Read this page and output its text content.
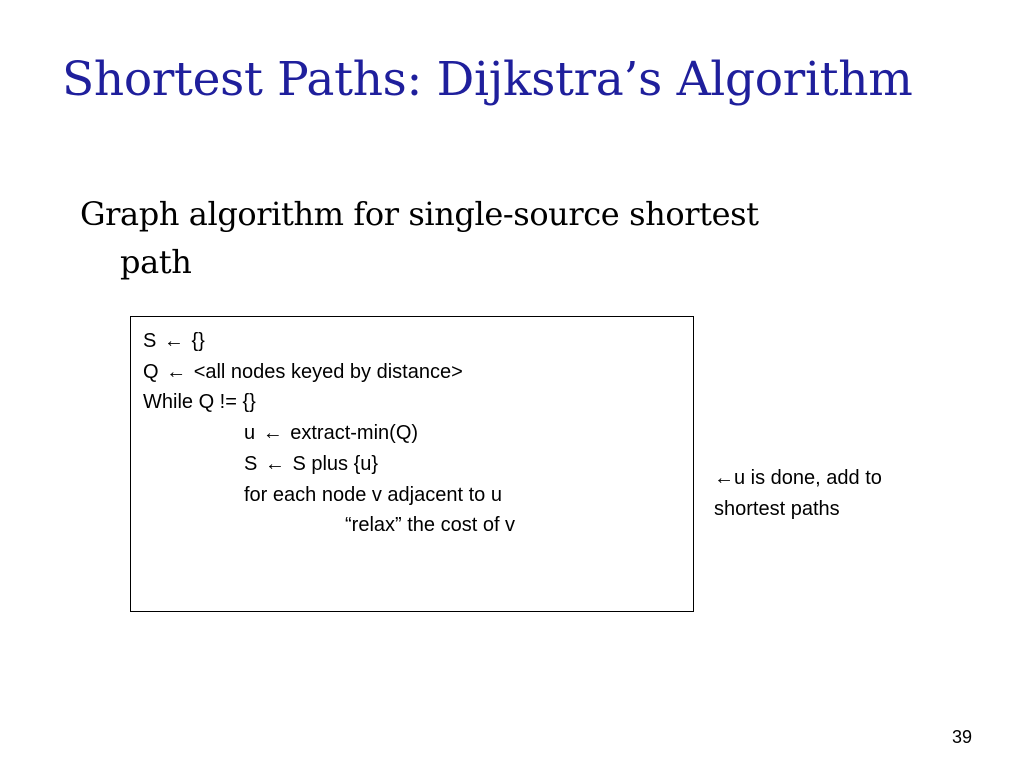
Shortest Paths: Dijkstra’s Algorithm
Graph algorithm for single-source shortest
path
S ← {}
Q ← <all nodes keyed by distance>
While Q != {}
u ← extract-min(Q)
S ← S plus {u}
for each node v adjacent to u
“relax” the cost of v
←u is done, add to
shortest paths
39
